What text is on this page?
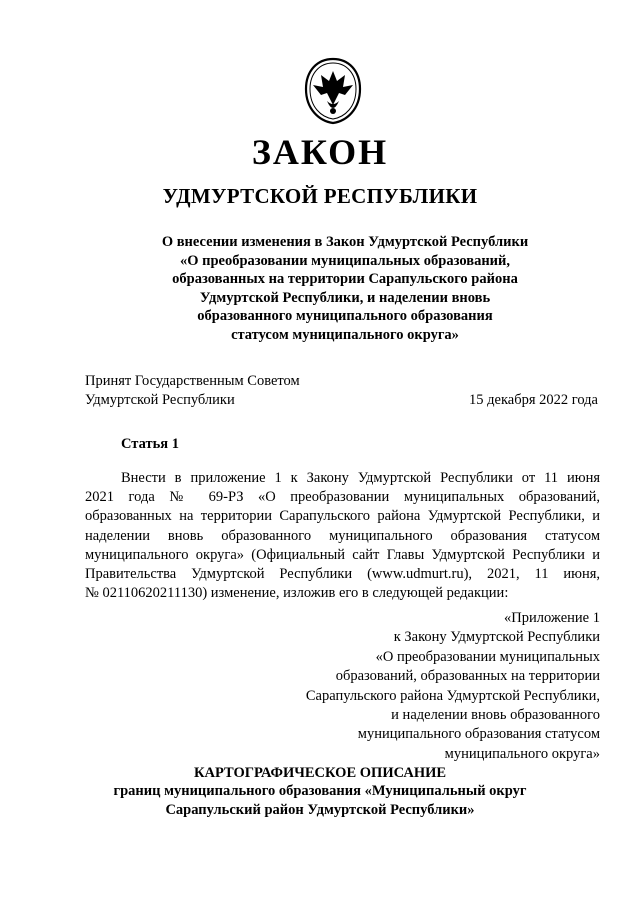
ЗАКОН
УДМУРТСКОЙ РЕСПУБЛИКИ
О внесении изменения в Закон Удмуртской Республики
«О преобразовании муниципальных образований,
образованных на территории Сарапульского района
Удмуртской Республики, и наделении вновь
образованного муниципального образования
статусом муниципального округа»
Принят Государственным Советом
Удмуртской Республики	15 декабря 2022 года
Статья 1
Внести в приложение 1 к Закону Удмуртской Республики от 11 июня
2021 года № 69-РЗ «О преобразовании муниципальных образований,
образованных на территории Сарапульского района Удмуртской Республики, и
наделении вновь образованного муниципального образования статусом
муниципального округа» (Официальный сайт Главы Удмуртской Республики и
Правительства Удмуртской Республики (www.udmurt.ru), 2021, 11 июня,
№ 02110620211130) изменение, изложив его в следующей редакции:
«Приложение 1
к Закону Удмуртской Республики
«О преобразовании муниципальных
образований, образованных на территории
Сарапульского района Удмуртской Республики,
и наделении вновь образованного
муниципального образования статусом
муниципального округа»
КАРТОГРАФИЧЕСКОЕ ОПИСАНИЕ
границ муниципального образования «Муниципальный округ
Сарапульский район Удмуртской Республики»
